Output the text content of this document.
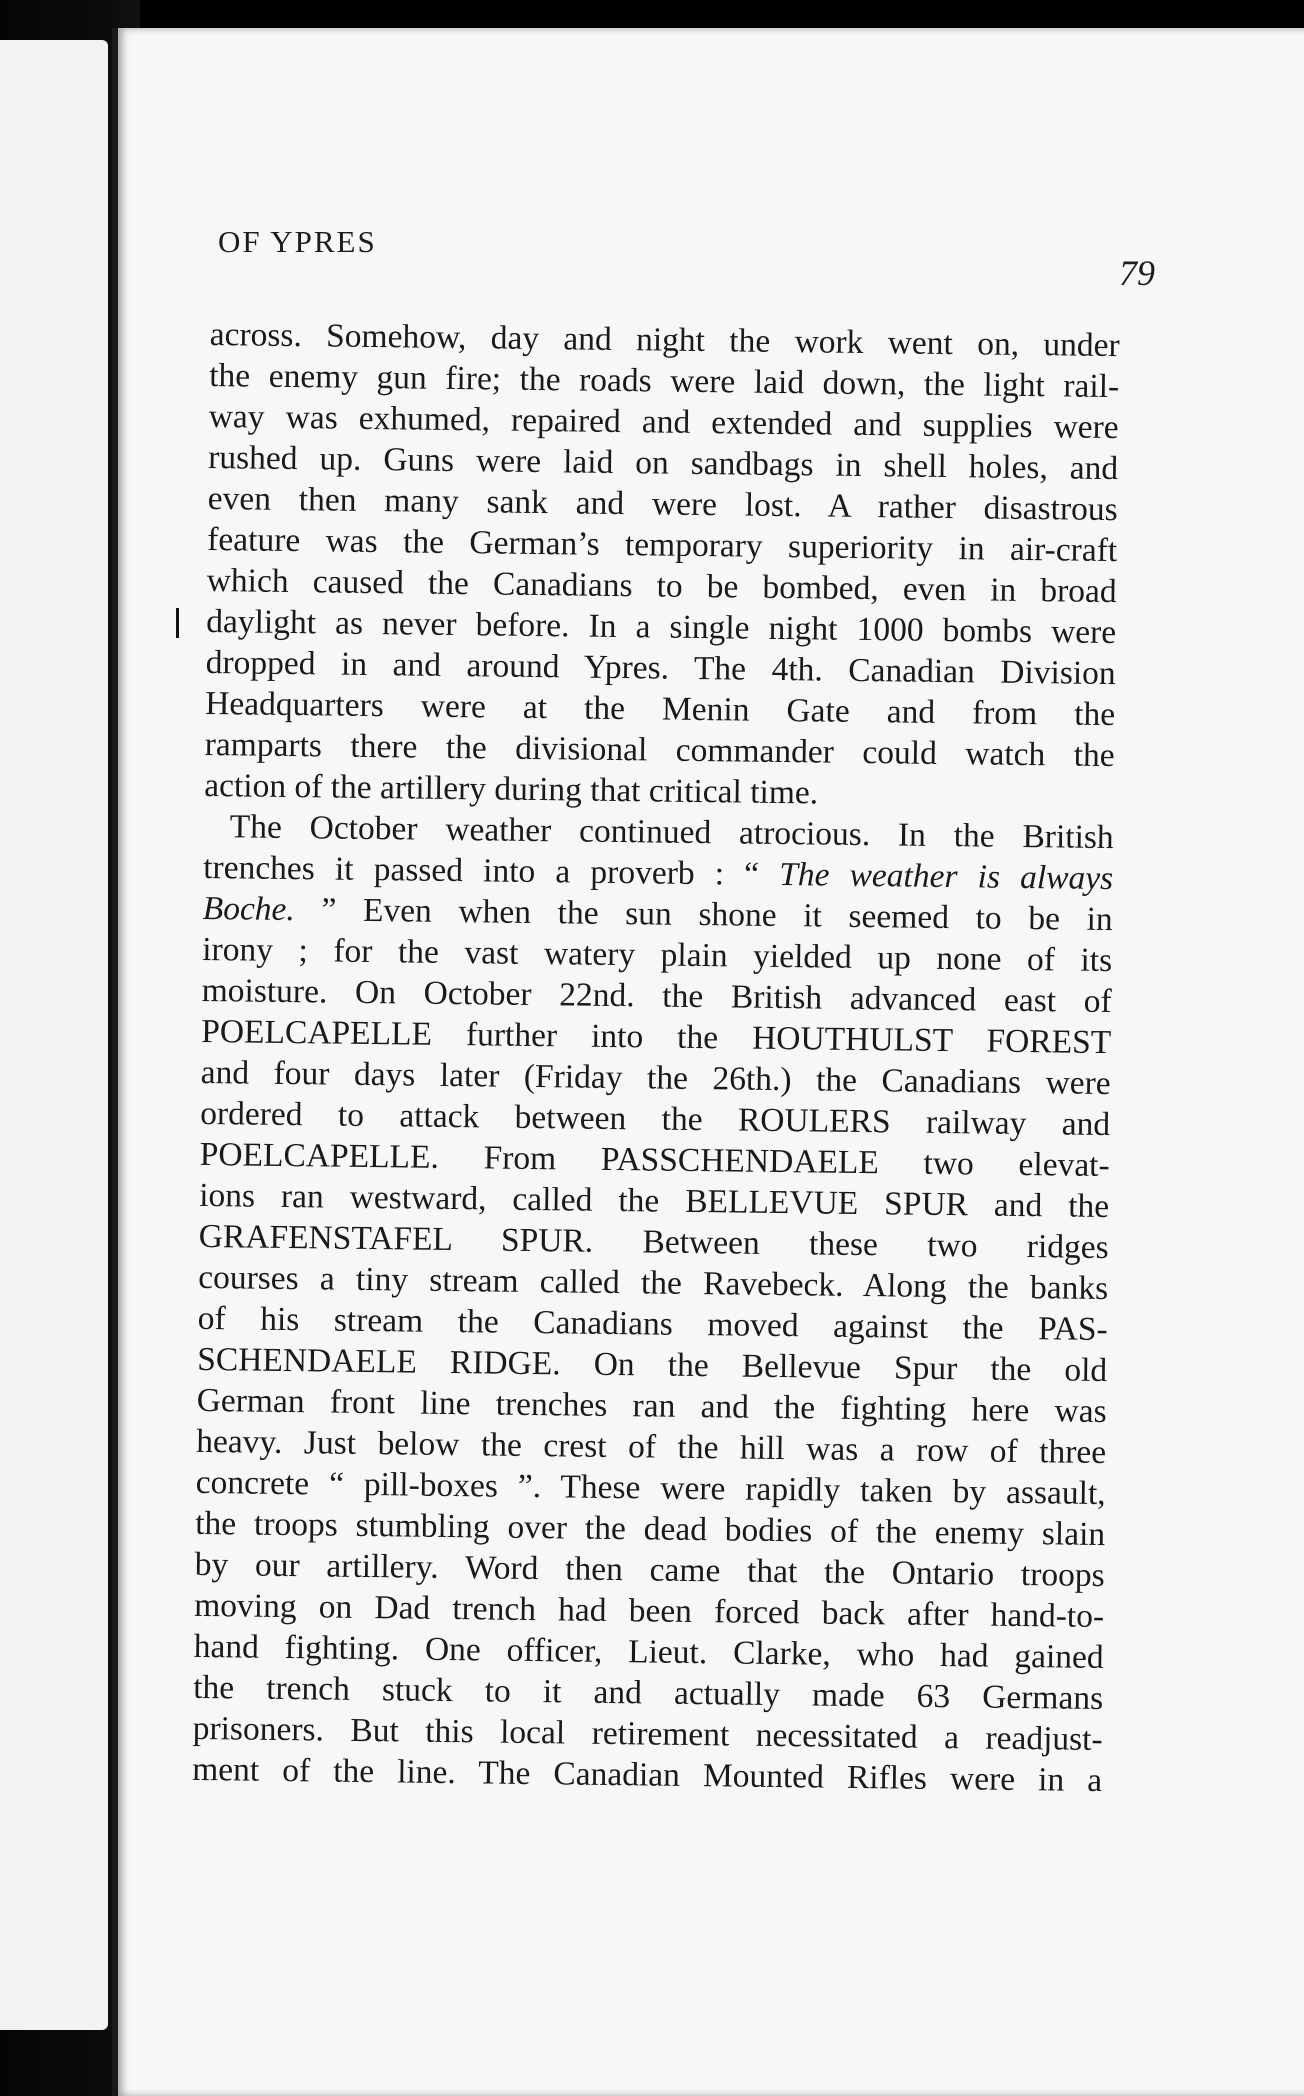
OF YPRES
79
across. Somehow, day and night the work went on, under
the enemy gun fire; the roads were laid down, the light rail-
way was exhumed, repaired and extended and supplies were
rushed up. Guns were laid on sandbags in shell holes, and
even then many sank and were lost. A rather disastrous
feature was the German’s temporary superiority in air-craft
which caused the Canadians to be bombed, even in broad
daylight as never before. In a single night 1000 bombs were
dropped in and around Ypres. The 4th. Canadian Division
Headquarters were at the Menin Gate and from the
ramparts there the divisional commander could watch the
action of the artillery during that critical time.
The October weather continued atrocious. In the British
trenches it passed into a proverb : “ The weather is always
Boche. ” Even when the sun shone it seemed to be in
irony ; for the vast watery plain yielded up none of its
moisture. On October 22nd. the British advanced east of
POELCAPELLE further into the HOUTHULST FOREST
and four days later (Friday the 26th.) the Canadians were
ordered to attack between the ROULERS railway and
POELCAPELLE. From PASSCHENDAELE two elevat-
ions ran westward, called the BELLEVUE SPUR and the
GRAFENSTAFEL SPUR. Between these two ridges
courses a tiny stream called the Ravebeck. Along the banks
of his stream the Canadians moved against the PAS-
SCHENDAELE RIDGE. On the Bellevue Spur the old
German front line trenches ran and the fighting here was
heavy. Just below the crest of the hill was a row of three
concrete “ pill-boxes ”. These were rapidly taken by assault,
the troops stumbling over the dead bodies of the enemy slain
by our artillery. Word then came that the Ontario troops
moving on Dad trench had been forced back after hand-to-
hand fighting. One officer, Lieut. Clarke, who had gained
the trench stuck to it and actually made 63 Germans
prisoners. But this local retirement necessitated a readjust-
ment of the line. The Canadian Mounted Rifles were in a
